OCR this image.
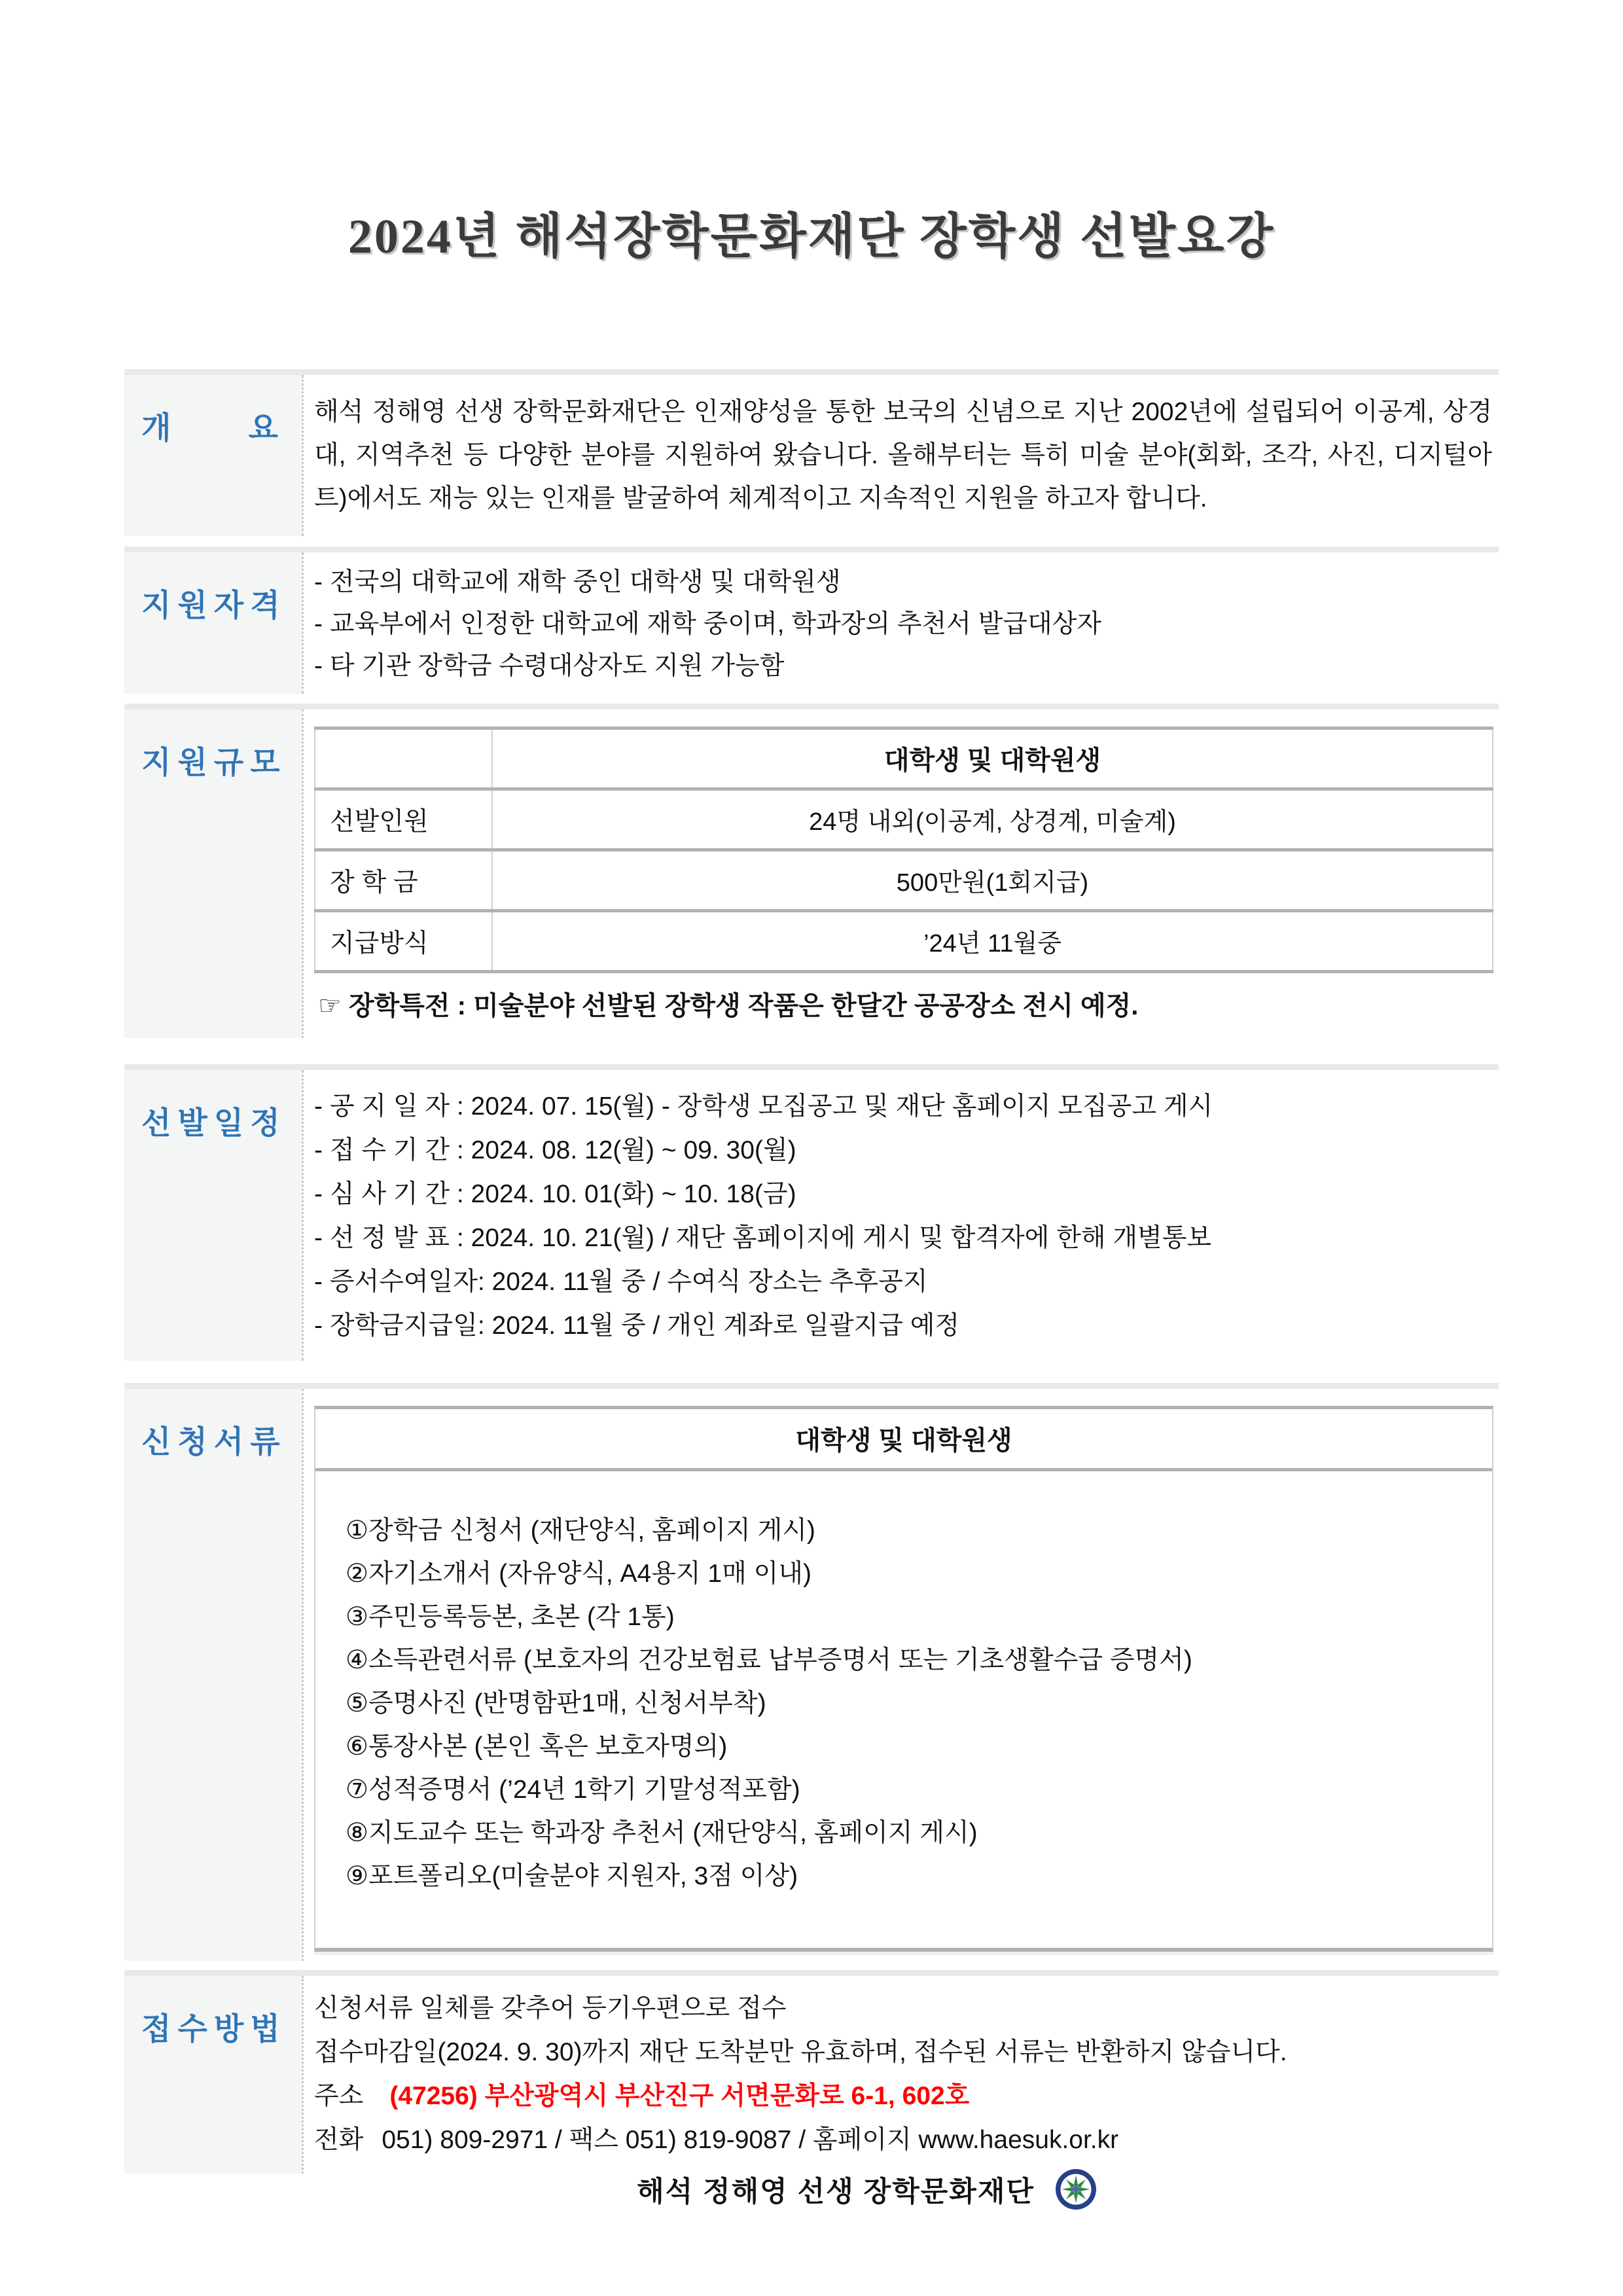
2024년 해석장학문화재단 장학생 선발요강
개 요	해석 정해영 선생 장학문화재단은 인재양성을 통한 보국의 신념으로 지난 2002년에 설립되어 이공계, 상경대, 지역추천 등 다양한 분야를 지원하여 왔습니다. 올해부터는 특히 미술 분야(회화, 조각, 사진, 디지털아트)에서도 재능 있는 인재를 발굴하여 체계적이고 지속적인 지원을 하고자 합니다.

지원자격
- 전국의 대학교에 재학 중인 대학생 및 대학원생
- 교육부에서 인정한 대학교에 재학 중이며, 학과장의 추천서 발급대상자
- 타 기관 장학금 수령대상자도 지원 가능함
지원규모
		대학생 및 대학원생
선발인원	24명 내외(이공계, 상경계, 미술계)
장 학 금	500만원(1회지급)
지급방식	’24년 11월중
☞ 장학특전 : 미술분야 선발된 장학생 작품은 한달간 공공장소 전시 예정.
선발일정	- 공 지 일 자 : 2024. 07. 15(월) - 장학생 모집공고 및 재단 홈페이지 모집공고 게시
- 접 수 기 간 : 2024. 08. 12(월) ~ 09. 30(월)
- 심 사 기 간 : 2024. 10. 01(화) ~ 10. 18(금)
- 선 정 발 표 : 2024. 10. 21(월) / 재단 홈페이지에 게시 및 합격자에 한해 개별통보
- 증서수여일자: 2024. 11월 중 / 수여식 장소는 추후공지
- 장학금지급일: 2024. 11월 중 / 개인 계좌로 일괄지급 예정
신청서류	대학생 및 대학원생
①장학금 신청서 (재단양식, 홈페이지 게시)
②자기소개서 (자유양식, A4용지 1매 이내)
③주민등록등본, 초본 (각 1통)
④소득관련서류 (보호자의 건강보험료 납부증명서 또는 기초생활수급 증명서)
⑤증명사진 (반명함판1매, 신청서부착)
⑥통장사본 (본인 혹은 보호자명의)
⑦성적증명서 (’24년 1학기 기말성적포함)
⑧지도교수 또는 학과장 추천서 (재단양식, 홈페이지 게시)
⑨포트폴리오(미술분야 지원자, 3점 이상)
접수방법
신청서류 일체를 갖추어 등기우편으로 접수
접수마감일(2024. 9. 30)까지 재단 도착분만 유효하며, 접수된 서류는 반환하지 않습니다.
주소 (47256) 부산광역시 부산진구 서면문화로 6-1, 602호
전화 051) 809-2971 / 팩스 051) 819-9087 / 홈페이지 www.haesuk.or.kr
해석 정해영 선생 장학문화재단
